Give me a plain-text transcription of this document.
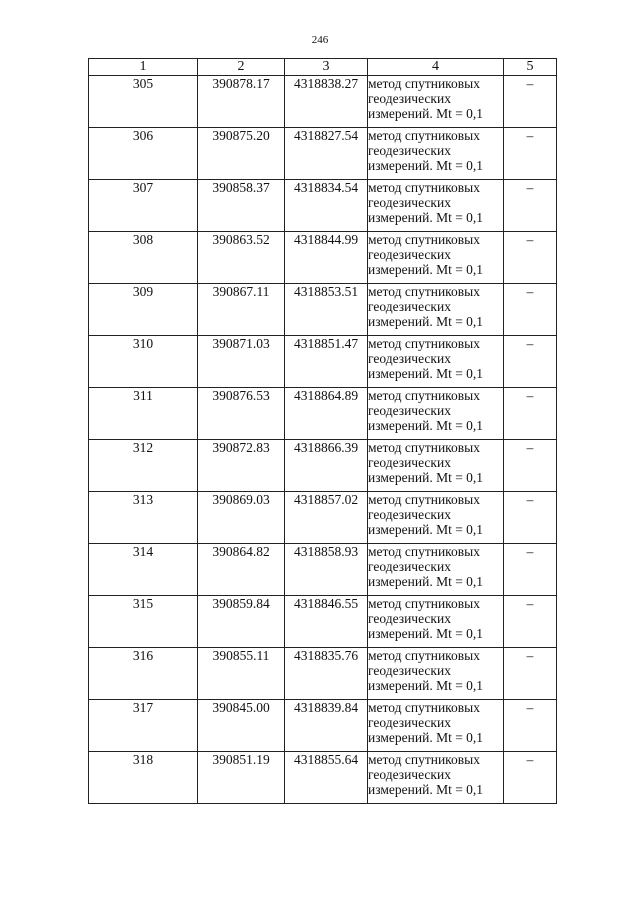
246
1	2	3	4	5
305	390878.17	4318838.27	метод спутниковых
геодезических
измерений. Mt = 0,1	–
306	390875.20	4318827.54	метод спутниковых
геодезических
измерений. Mt = 0,1	–
307	390858.37	4318834.54	метод спутниковых
геодезических
измерений. Mt = 0,1	–
308	390863.52	4318844.99	метод спутниковых
геодезических
измерений. Mt = 0,1	–
309	390867.11	4318853.51	метод спутниковых
геодезических
измерений. Mt = 0,1	–
310	390871.03	4318851.47	метод спутниковых
геодезических
измерений. Mt = 0,1	–
311	390876.53	4318864.89	метод спутниковых
геодезических
измерений. Mt = 0,1	–
312	390872.83	4318866.39	метод спутниковых
геодезических
измерений. Mt = 0,1	–
313	390869.03	4318857.02	метод спутниковых
геодезических
измерений. Mt = 0,1	–
314	390864.82	4318858.93	метод спутниковых
геодезических
измерений. Mt = 0,1	–
315	390859.84	4318846.55	метод спутниковых
геодезических
измерений. Mt = 0,1	–
316	390855.11	4318835.76	метод спутниковых
геодезических
измерений. Mt = 0,1	–
317	390845.00	4318839.84	метод спутниковых
геодезических
измерений. Mt = 0,1	–
318	390851.19	4318855.64	метод спутниковых
геодезических
измерений. Mt = 0,1	–
